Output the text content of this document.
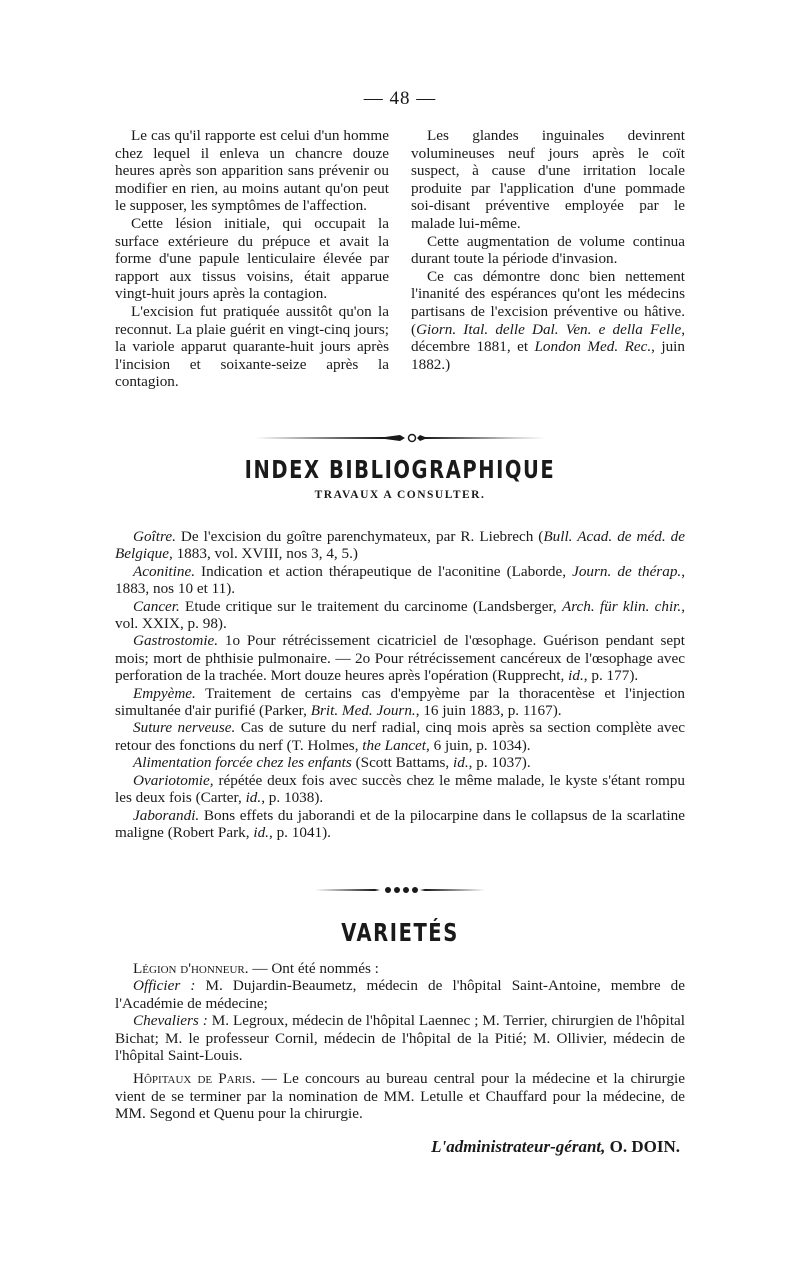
— 48 —

Le cas qu'il rapporte est celui d'un homme chez lequel il enleva un chancre douze heures après son apparition sans prévenir ou modifier en rien, au moins autant qu'on peut le supposer, les symptômes de l'affection.

Cette lésion initiale, qui occupait la surface extérieure du prépuce et avait la forme d'une papule lenticulaire élevée par rapport aux tissus voisins, était apparue vingt-huit jours après la contagion.

L'excision fut pratiquée aussitôt qu'on la reconnut. La plaie guérit en vingt-cinq jours; la variole apparut quarante-huit jours après l'incision et soixante-seize après la contagion.

Les glandes inguinales devinrent volumineuses neuf jours après le coït suspect, à cause d'une irritation locale produite par l'application d'une pommade soi-disant préventive employée par le malade lui-même.

Cette augmentation de volume continua durant toute la période d'invasion.

Ce cas démontre donc bien nettement l'inanité des espérances qu'ont les médecins partisans de l'excision préventive ou hâtive. (Giorn. Ital. delle Dal. Ven. e della Felle, décembre 1881, et London Med. Rec., juin 1882.)

INDEX BIBLIOGRAPHIQUE
TRAVAUX A CONSULTER.

Goître. De l'excision du goître parenchymateux, par R. Liebrech (Bull. Acad. de méd. de Belgique, 1883, vol. XVIII, nos 3, 4, 5.)

Aconitine. Indication et action thérapeutique de l'aconitine (Laborde, Journ. de thérap., 1883, nos 10 et 11).

Cancer. Etude critique sur le traitement du carcinome (Landsberger, Arch. für klin. chir., vol. XXIX, p. 98).

Gastrostomie. 1o Pour rétrécissement cicatriciel de l'œsophage. Guérison pendant sept mois; mort de phthisie pulmonaire. — 2o Pour rétrécissement cancéreux de l'œsophage avec perforation de la trachée. Mort douze heures après l'opération (Rupprecht, id., p. 177).

Empyème. Traitement de certains cas d'empyème par la thoracentèse et l'injection simultanée d'air purifié (Parker, Brit. Med. Journ., 16 juin 1883, p. 1167).

Suture nerveuse. Cas de suture du nerf radial, cinq mois après sa section complète avec retour des fonctions du nerf (T. Holmes, the Lancet, 6 juin, p. 1034).

Alimentation forcée chez les enfants (Scott Battams, id., p. 1037).

Ovariotomie, répétée deux fois avec succès chez le même malade, le kyste s'étant rompu les deux fois (Carter, id., p. 1038).

Jaborandi. Bons effets du jaborandi et de la pilocarpine dans le collapsus de la scarlatine maligne (Robert Park, id., p. 1041).

VARIETÉS

Légion d'honneur. — Ont été nommés :

Officier : M. Dujardin-Beaumetz, médecin de l'hôpital Saint-Antoine, membre de l'Académie de médecine;

Chevaliers : M. Legroux, médecin de l'hôpital Laennec ; M. Terrier, chirurgien de l'hôpital Bichat; M. le professeur Cornil, médecin de l'hôpital de la Pitié; M. Ollivier, médecin de l'hôpital Saint-Louis.

Hôpitaux de Paris. — Le concours au bureau central pour la médecine et la chirurgie vient de se terminer par la nomination de MM. Letulle et Chauffard pour la médecine, de MM. Segond et Quenu pour la chirurgie.

L'administrateur-gérant, O. DOIN.
